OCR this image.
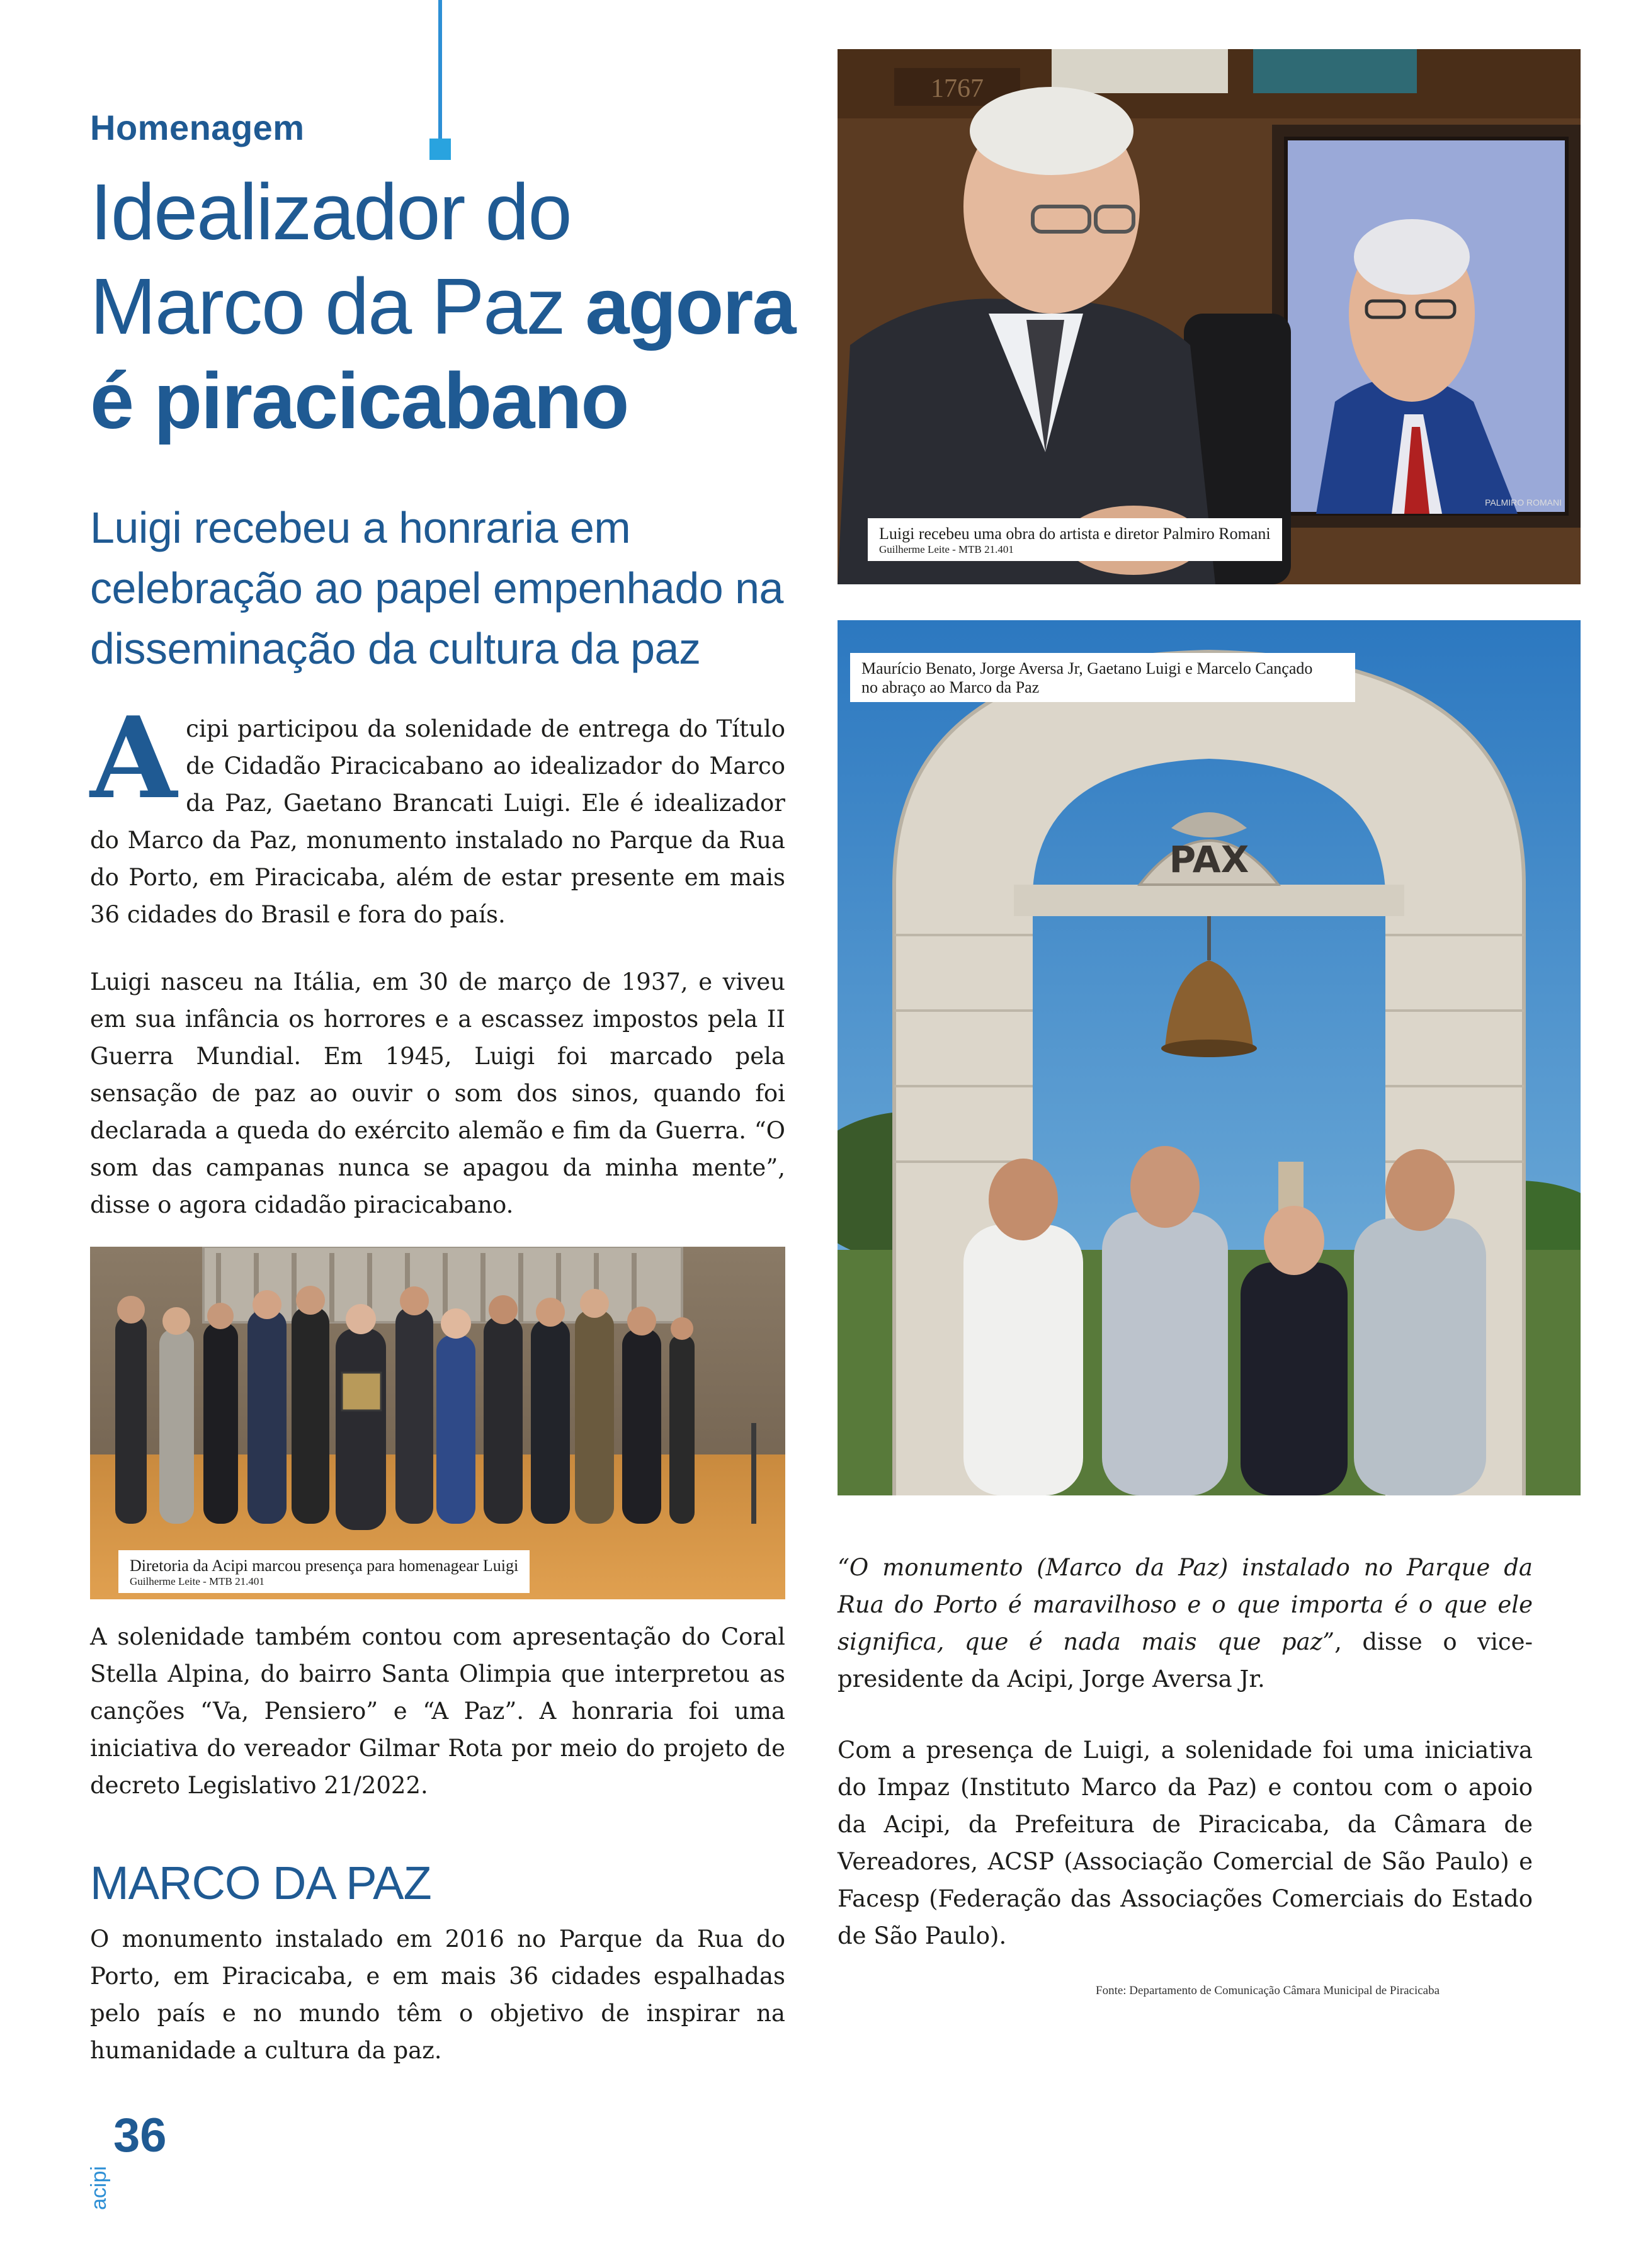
Homenagem
Idealizador do
Marco da Paz agora
é piracicabano
Luigi recebeu a honraria em celebração ao papel empenhado na disseminação da cultura da paz

Acipi participou da solenidade de entrega do Título de Cidadão Piracicabano ao idealizador do Marco da Paz, Gaetano Brancati Luigi. Ele é idealizador do Marco da Paz, monumento instalado no Parque da Rua do Porto, em Piracicaba, além de estar presente em mais 36 cidades do Brasil e fora do país.

Luigi nasceu na Itália, em 30 de março de 1937, e viveu em sua infância os horrores e a escassez impostos pela II Guerra Mundial. Em 1945, Luigi foi marcado pela sensação de paz ao ouvir o som dos sinos, quando foi declarada a queda do exército alemão e fim da Guerra. “O som das campanas nunca se apagou da minha mente”, disse o agora cidadão piracicabano.

Diretoria da Acipi marcou presença para homenagear Luigi
Guilherme Leite - MTB 21.401

A solenidade também contou com apresentação do Coral Stella Alpina, do bairro Santa Olimpia que interpretou as canções “Va, Pensiero” e “A Paz”. A honraria foi uma iniciativa do vereador Gilmar Rota por meio do projeto de decreto Legislativo 21/2022.

MARCO DA PAZ

O monumento instalado em 2016 no Parque da Rua do Porto, em Piracicaba, e em mais 36 cidades espalhadas pelo país e no mundo têm o objetivo de inspirar na humanidade a cultura da paz.

1767
PALMIRO ROMANI
Luigi recebeu uma obra do artista e diretor Palmiro Romani
Guilherme Leite - MTB 21.401
PAX
Maurício Benato, Jorge Aversa Jr, Gaetano Luigi e Marcelo Cançado
no abraço ao Marco da Paz

“O monumento (Marco da Paz) instalado no Parque da Rua do Porto é maravilhoso e o que importa é o que ele significa, que é nada mais que paz”, disse o vice-presidente da Acipi, Jorge Aversa Jr.

Com a presença de Luigi, a solenidade foi uma iniciativa do Impaz (Instituto Marco da Paz) e contou com o apoio da Acipi, da Prefeitura de Piracicaba, da Câmara de Vereadores, ACSP (Associação Comercial de São Paulo) e Facesp (Federação das Associações Comerciais do Estado de São Paulo).

Fonte: Departamento de Comunicação Câmara Municipal de Piracicaba
acipi
36
